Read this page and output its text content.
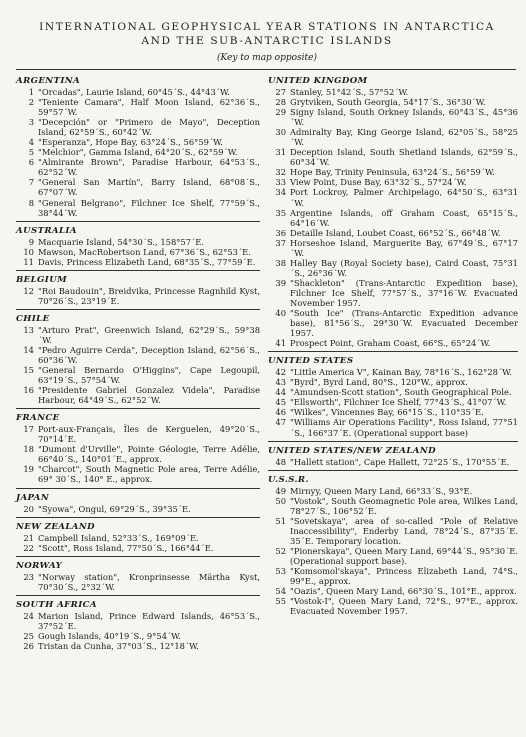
INTERNATIONAL GEOPHYSICAL YEAR STATIONS IN ANTARCTICA
AND THE SUB-ANTARCTIC ISLANDS
(Key to map opposite)
ARGENTINA
1 "Orcadas", Laurie Island, 60°45´S., 44°43´W.
2 "Teniente Camara", Half Moon Island, 62°36´S., 59°57´W.
3 "Decepción" or "Primero de Mayo", Deception Island, 62°59´S., 60°42´W.
4 "Esperanza", Hope Bay, 63°24´S., 56°59´W.
5 "Melchior", Gamma Island, 64°20´S., 62°59´W.
6 "Almirante Brown", Paradise Harbour, 64°53´S., 62°52´W.
7 "General San Martín", Barry Island, 68°08´S., 67°07´W.
8 "General Belgrano", Filchner Ice Shelf, 77°59´S., 38°44´W.
AUSTRALIA
9 Macquarie Island, 54°30´S., 158°57´E.
10 Mawson, MacRobertson Land, 67°36´S., 62°53´E.
11 Davis, Princess Elizabeth Land, 68°35´S., 77°59´E.
BELGIUM
12 "Roi Baudouin", Breidvika, Princesse Ragnhild Kyst, 70°26´S., 23°19´E.
CHILE
13 "Arturo Prat", Greenwich Island, 62°29´S., 59°38´W.
14 "Pedro Aguirre Cerda", Deception Island, 62°56´S., 60°36´W.
15 "General Bernardo O'Higgins", Cape Legoupil, 63°19´S., 57°54´W.
16 "Presidente Gabriel Gonzalez Videla", Paradise Harbour, 64°49´S., 62°52´W.
FRANCE
17 Port-aux-Français, Îles de Kerguelen, 49°20´S., 70°14´E.
18 "Dumont d'Urville", Pointe Géologie, Terre Adélie, 66°40´S., 140°01´E., approx.
19 "Charcot", South Magnetic Pole area, Terre Adélie, 69° 30´S., 140° E., approx.
JAPAN
20 "Syowa", Ongul, 69°29´S., 39°35´E.
NEW ZEALAND
21 Campbell Island, 52°33´S., 169°09´E.
22 "Scott", Ross Island, 77°50´S., 166°44´E.
NORWAY
23 "Norway station", Kronprinsesse Märtha Kyst, 70°30´S., 2°32´W.
SOUTH AFRICA
24 Marion Island, Prince Edward Islands, 46°53´S., 37°52´E.
25 Gough Islands, 40°19´S., 9°54´W.
26 Tristan da Cunha, 37°03´S., 12°18´W.
UNITED KINGDOM
27 Stanley, 51°42´S., 57°52´W.
28 Grytviken, South Georgia, 54°17´S., 36°30´W.
29 Signy Island, South Orkney Islands, 60°43´S., 45°36´W.
30 Admiralty Bay, King George Island, 62°05´S., 58°25´W.
31 Deception Island, South Shetland Islands, 62°59´S., 60°34´W.
32 Hope Bay, Trinity Peninsula, 63°24´S., 56°59´W.
33 View Point, Duse Bay, 63°32´S., 57°24´W.
34 Port Lockroy, Palmer Archipelago, 64°50´S., 63°31´W.
35 Argentine Islands, off Graham Coast, 65°15´S., 64°16´W.
36 Detaille Island, Loubet Coast, 66°52´S., 66°48´W.
37 Horseshoe Island, Marguerite Bay, 67°49´S., 67°17´W.
38 Halley Bay (Royal Society base), Caird Coast, 75°31´S., 26°36´W.
39 "Shackleton" (Trans-Antarctic Expedition base), Filchner Ice Shelf, 77°57´S., 37°16´W. Evacuated November 1957.
40 "South Ice" (Trans-Antarctic Expedition advance base), 81°56´S., 29°30´W. Evacuated December 1957.
41 Prospect Point, Graham Coast, 66°S., 65°24´W.
UNITED STATES
42 "Little America V", Kainan Bay, 78°16´S., 162°28´W.
43 "Byrd", Byrd Land, 80°S., 120°W., approx.
44 "Amundsen-Scott station", South Geographical Pole.
45 "Ellsworth", Filchner Ice Shelf, 77°43´S., 41°07´W.
46 "Wilkes", Vincennes Bay, 66°15´S., 110°35´E.
47 "Williams Air Operations Facility", Ross Island, 77°51´S., 166°37´E. (Operational support base)
UNITED STATES/NEW ZEALAND
48 "Hallett station", Cape Hallett, 72°25´S., 170°55´E.
U.S.S.R.
49 Mirnyy, Queen Mary Land, 66°33´S., 93°E.
50 "Vostok", South Geomagnetic Pole area, Wilkes Land, 78°27´S., 106°52´E.
51 "Sovetskaya", area of so-called "Pole of Relative Inaccessibility", Enderby Land, 78°24´S., 87°35´E. 35´E. Temporary location.
52 "Pionerskaya", Queen Mary Land, 69°44´S., 95°30´E. (Operational support base).
53 "Komsomol'skaya", Princess Elizabeth Land, 74°S., 99°E., approx.
54 "Oazis", Queen Mary Land, 66°30´S., 101°E., approx.
55 "Vostok-I", Queen Mary Land, 72°S., 97°E., approx. Evacuated November 1957.
